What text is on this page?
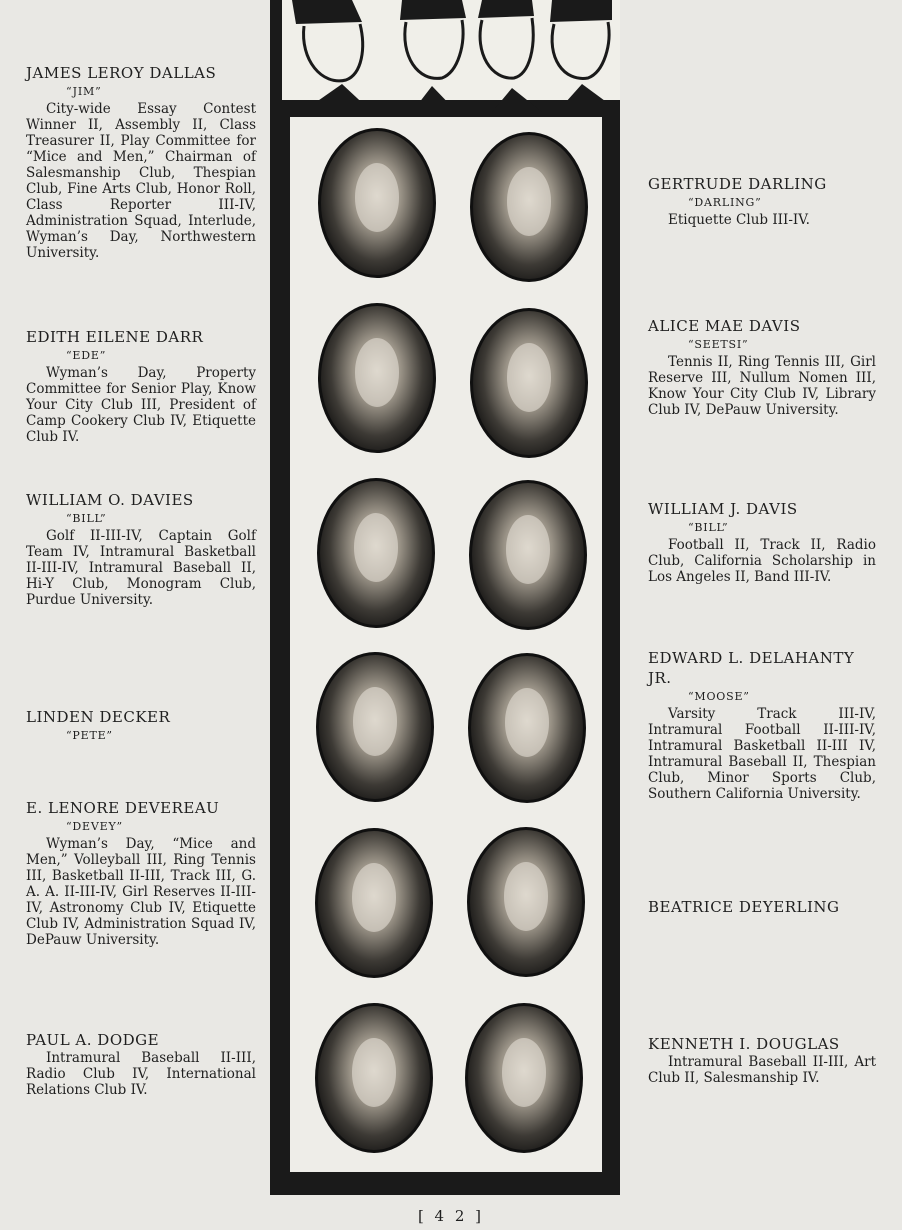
JAMES LEROY DALLAS
“JIM”
City-wide Essay Contest Winner II, Assembly II, Class Treasurer II, Play Committee for “Mice and Men,” Chairman of Salesmanship Club, Thespian Club, Fine Arts Club, Honor Roll, Class Reporter III-IV, Administration Squad, Interlude, Wyman’s Day, Northwestern University.
EDITH EILENE DARR
“EDE”
Wyman’s Day, Property Committee for Senior Play, Know Your City Club III, President of Camp Cookery Club IV, Etiquette Club IV.
WILLIAM O. DAVIES
“BILL”
Golf II-III-IV, Captain Golf Team IV, Intramural Basketball II-III-IV, Intramural Baseball II, Hi-Y Club, Monogram Club, Purdue University.
LINDEN DECKER
“PETE”
E. LENORE DEVEREAU
“DEVEY”
Wyman’s Day, “Mice and Men,” Volleyball III, Ring Tennis III, Basketball II-III, Track III, G. A. A. II-III-IV, Girl Reserves II-III-IV, Astronomy Club IV, Etiquette Club IV, Administration Squad IV, DePauw University.
PAUL A. DODGE
Intramural Baseball II-III, Radio Club IV, International Relations Club IV.
GERTRUDE DARLING
“DARLING”
Etiquette Club III-IV.
ALICE MAE DAVIS
“SEETSI”
Tennis II, Ring Tennis III, Girl Reserve III, Nullum Nomen III, Know Your City Club IV, Library Club IV, DePauw University.
WILLIAM J. DAVIS
“BILL”
Football II, Track II, Radio Club, California Scholarship in Los Angeles II, Band III-IV.
EDWARD L. DELAHANTY JR.
“MOOSE”
Varsity Track III-IV, Intramural Football II-III-IV, Intramural Basketball II-III IV, Intramural Baseball II, Thespian Club, Minor Sports Club, Southern California University.
BEATRICE DEYERLING
KENNETH I. DOUGLAS
Intramural Baseball II-III, Art Club II, Salesmanship IV.
[ 4 2 ]
